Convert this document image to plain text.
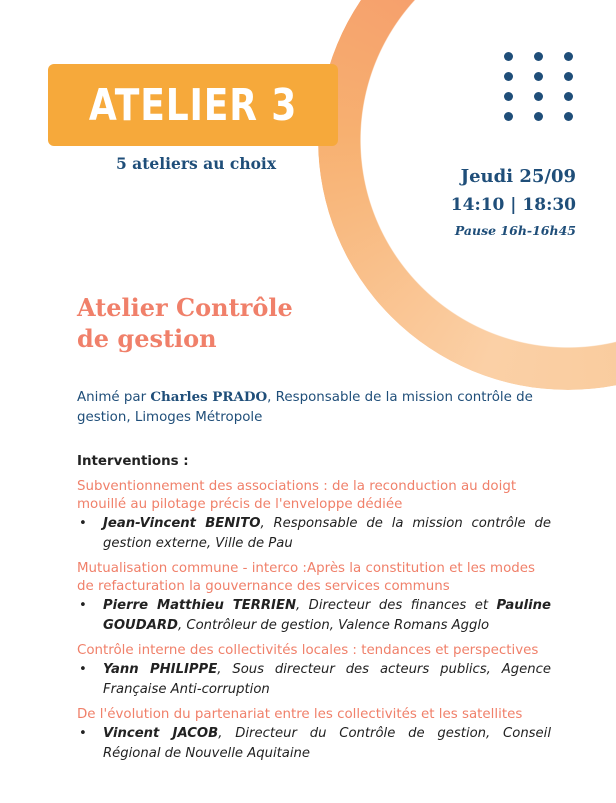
ATELIER 3
5 ateliers au choix
Jeudi 25/09
14:10 | 18:30
Pause 16h-16h45
Atelier Contrôle
de gestion
Animé par Charles PRADO, Responsable de la mission contrôle de gestion, Limoges Métropole
Interventions :
Subventionnement des associations : de la reconduction au doigt mouillé au pilotage précis de l'enveloppe dédiée
• Jean-Vincent BENITO, Responsable de la mission contrôle de gestion externe, Ville de Pau
Mutualisation commune - interco :Après la constitution et les modes de refacturation la gouvernance des services communs
• Pierre Matthieu TERRIEN, Directeur des finances et Pauline GOUDARD, Contrôleur de gestion, Valence Romans Agglo
Contrôle interne des collectivités locales : tendances et perspectives
• Yann PHILIPPE, Sous directeur des acteurs publics, Agence Française Anti-corruption
De l'évolution du partenariat entre les collectivités et les satellites
• Vincent JACOB, Directeur du Contrôle de gestion, Conseil Régional de Nouvelle Aquitaine
